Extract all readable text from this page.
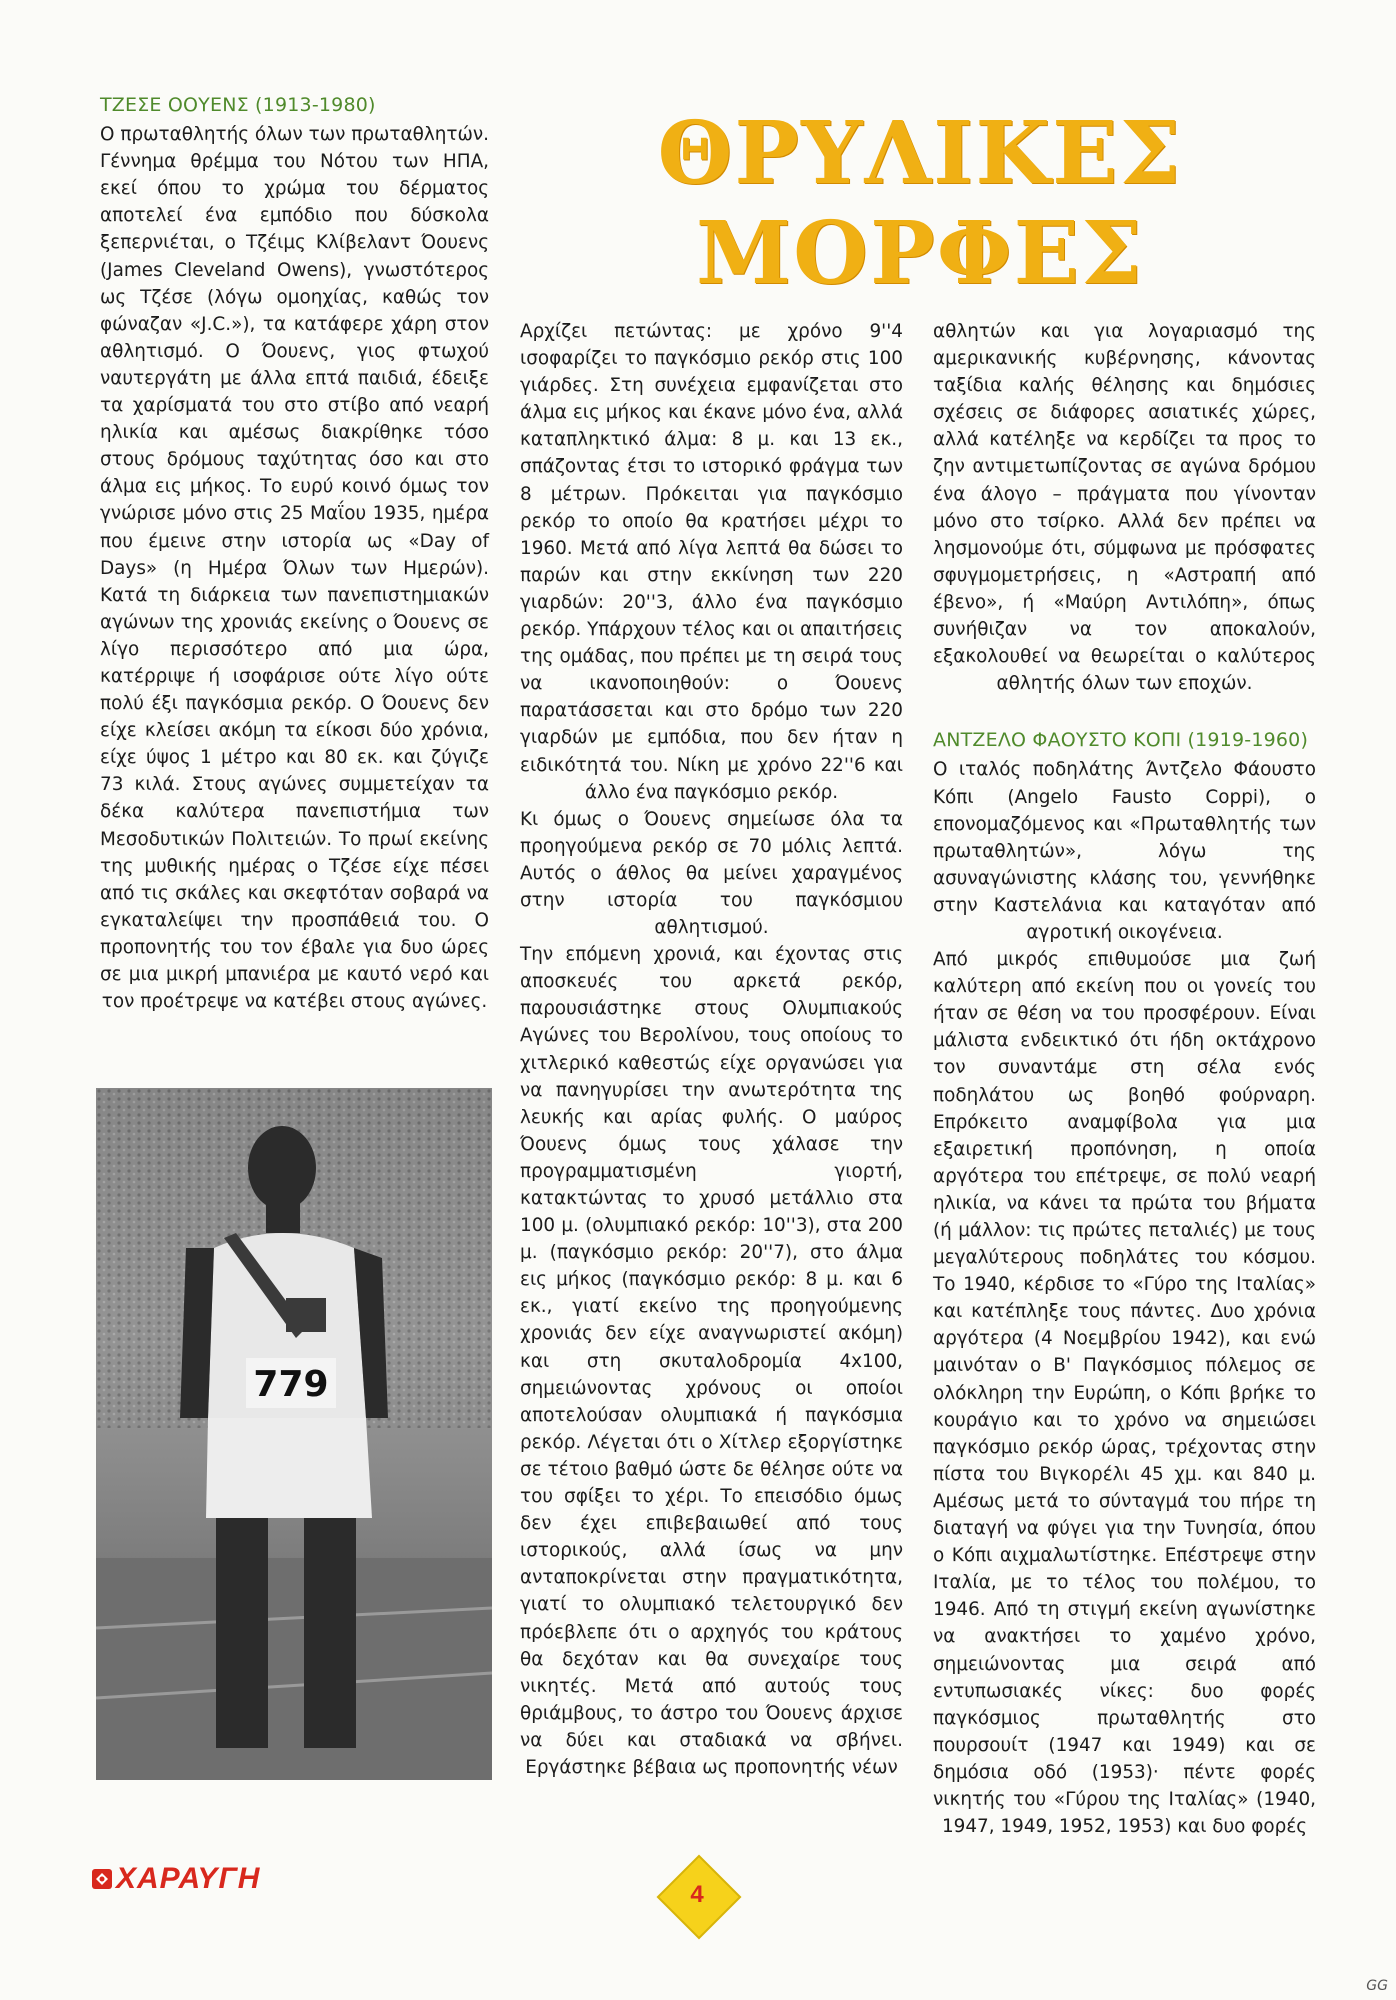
ΘΡΥΛΙΚΕΣ
ΜΟΡΦΕΣ
ΤΖΕΣΕ ΟΟΥΕΝΣ (1913-1980)

Ο πρωταθλητής όλων των πρωταθλητών. Γέννημα θρέμμα του Νότου των ΗΠΑ, εκεί όπου το χρώμα του δέρματος αποτελεί ένα εμπόδιο που δύσκολα ξεπερνιέται, ο Τζέιμς Κλίβελαντ Όουενς (James Cleveland Owens), γνωστότερος ως Τζέσε (λόγω ομοηχίας, καθώς τον φώναζαν «J.C.»), τα κατάφερε χάρη στον αθλητισμό. Ο Όουενς, γιος φτωχού ναυτεργάτη με άλλα επτά παιδιά, έδειξε τα χαρίσματά του στο στίβο από νεαρή ηλικία και αμέσως διακρίθηκε τόσο στους δρόμους ταχύτητας όσο και στο άλμα εις μήκος. Το ευρύ κοινό όμως τον γνώρισε μόνο στις 25 Μαΐου 1935, ημέρα που έμεινε στην ιστορία ως «Day of Days» (η Ημέρα Όλων των Ημερών). Κατά τη διάρκεια των πανεπιστημιακών αγώνων της χρονιάς εκείνης ο Όουενς σε λίγο περισσότερο από μια ώρα, κατέρριψε ή ισοφάρισε ούτε λίγο ούτε πολύ έξι παγκόσμια ρεκόρ. Ο Όουενς δεν είχε κλείσει ακόμη τα είκοσι δύο χρόνια, είχε ύψος 1 μέτρο και 80 εκ. και ζύγιζε 73 κιλά. Στους αγώνες συμμετείχαν τα δέκα καλύτερα πανεπιστήμια των Μεσοδυτικών Πολιτειών. Το πρωί εκείνης της μυθικής ημέρας ο Τζέσε είχε πέσει από τις σκάλες και σκεφτόταν σοβαρά να εγκαταλείψει την προσπάθειά του. Ο προπονητής του τον έβαλε για δυο ώρες σε μια μικρή μπανιέρα με καυτό νερό και τον προέτρεψε να κατέβει στους αγώνες.

779

Αρχίζει πετώντας: με χρόνο 9''4 ισοφαρίζει το παγκόσμιο ρεκόρ στις 100 γιάρδες. Στη συνέχεια εμφανίζεται στο άλμα εις μήκος και έκανε μόνο ένα, αλλά καταπληκτικό άλμα: 8 μ. και 13 εκ., σπάζοντας έτσι το ιστορικό φράγμα των 8 μέτρων. Πρόκειται για παγκόσμιο ρεκόρ το οποίο θα κρατήσει μέχρι το 1960. Μετά από λίγα λεπτά θα δώσει το παρών και στην εκκίνηση των 220 γιαρδών: 20''3, άλλο ένα παγκόσμιο ρεκόρ. Υπάρχουν τέλος και οι απαιτήσεις της ομάδας, που πρέπει με τη σειρά τους να ικανοποιηθούν: ο Όουενς παρατάσσεται και στο δρόμο των 220 γιαρδών με εμπόδια, που δεν ήταν η ειδικότητά του. Νίκη με χρόνο 22''6 και άλλο ένα παγκόσμιο ρεκόρ.

Κι όμως ο Όουενς σημείωσε όλα τα προηγούμενα ρεκόρ σε 70 μόλις λεπτά. Αυτός ο άθλος θα μείνει χαραγμένος στην ιστορία του παγκόσμιου αθλητισμού.

Την επόμενη χρονιά, και έχοντας στις αποσκευές του αρκετά ρεκόρ, παρουσιάστηκε στους Ολυμπιακούς Αγώνες του Βερολίνου, τους οποίους το χιτλερικό καθεστώς είχε οργανώσει για να πανηγυρίσει την ανωτερότητα της λευκής και αρίας φυλής. Ο μαύρος Όουενς όμως τους χάλασε την προγραμματισμένη γιορτή, κατακτώντας το χρυσό μετάλλιο στα 100 μ. (ολυμπιακό ρεκόρ: 10''3), στα 200 μ. (παγκόσμιο ρεκόρ: 20''7), στο άλμα εις μήκος (παγκόσμιο ρεκόρ: 8 μ. και 6 εκ., γιατί εκείνο της προηγούμενης χρονιάς δεν είχε αναγνωριστεί ακόμη) και στη σκυταλοδρομία 4x100, σημειώνοντας χρόνους οι οποίοι αποτελούσαν ολυμπιακά ή παγκόσμια ρεκόρ. Λέγεται ότι ο Χίτλερ εξοργίστηκε σε τέτοιο βαθμό ώστε δε θέλησε ούτε να του σφίξει το χέρι. Το επεισόδιο όμως δεν έχει επιβεβαιωθεί από τους ιστορικούς, αλλά ίσως να μην ανταποκρίνεται στην πραγματικότητα, γιατί το ολυμπιακό τελετουργικό δεν πρόεβλεπε ότι ο αρχηγός του κράτους θα δεχόταν και θα συνεχαίρε τους νικητές. Μετά από αυτούς τους θριάμβους, το άστρο του Όουενς άρχισε να δύει και σταδιακά να σβήνει. Εργάστηκε βέβαια ως προπονητής νέων

αθλητών και για λογαριασμό της αμερικανικής κυβέρνησης, κάνοντας ταξίδια καλής θέλησης και δημόσιες σχέσεις σε διάφορες ασιατικές χώρες, αλλά κατέληξε να κερδίζει τα προς το ζην αντιμετωπίζοντας σε αγώνα δρόμου ένα άλογο – πράγματα που γίνονταν μόνο στο τσίρκο. Αλλά δεν πρέπει να λησμονούμε ότι, σύμφωνα με πρόσφατες σφυγμομετρήσεις, η «Αστραπή από έβενο», ή «Μαύρη Αντιλόπη», όπως συνήθιζαν να τον αποκαλούν, εξακολουθεί να θεωρείται ο καλύτερος αθλητής όλων των εποχών.

ΑΝΤΖΕΛΟ ΦΑΟΥΣΤΟ ΚΟΠΙ (1919-1960)

Ο ιταλός ποδηλάτης Άντζελο Φάουστο Κόπι (Angelo Fausto Coppi), ο επονομαζόμενος και «Πρωταθλητής των πρωταθλητών», λόγω της ασυναγώνιστης κλάσης του, γεννήθηκε στην Καστελάνια και καταγόταν από αγροτική οικογένεια.

Από μικρός επιθυμούσε μια ζωή καλύτερη από εκείνη που οι γονείς του ήταν σε θέση να του προσφέρουν. Είναι μάλιστα ενδεικτικό ότι ήδη οκτάχρονο τον συναντάμε στη σέλα ενός ποδηλάτου ως βοηθό φούρναρη. Επρόκειτο αναμφίβολα για μια εξαιρετική προπόνηση, η οποία αργότερα του επέτρεψε, σε πολύ νεαρή ηλικία, να κάνει τα πρώτα του βήματα (ή μάλλον: τις πρώτες πεταλιές) με τους μεγαλύτερους ποδηλάτες του κόσμου. Το 1940, κέρδισε το «Γύρο της Ιταλίας» και κατέπληξε τους πάντες. Δυο χρόνια αργότερα (4 Νοεμβρίου 1942), και ενώ μαινόταν ο Β' Παγκόσμιος πόλεμος σε ολόκληρη την Ευρώπη, ο Κόπι βρήκε το κουράγιο και το χρόνο να σημειώσει παγκόσμιο ρεκόρ ώρας, τρέχοντας στην πίστα του Βιγκορέλι 45 χμ. και 840 μ. Αμέσως μετά το σύνταγμά του πήρε τη διαταγή να φύγει για την Τυνησία, όπου ο Κόπι αιχμαλωτίστηκε. Επέστρεψε στην Ιταλία, με το τέλος του πολέμου, το 1946. Από τη στιγμή εκείνη αγωνίστηκε να ανακτήσει το χαμένο χρόνο, σημειώνοντας μια σειρά από εντυπωσιακές νίκες: δυο φορές παγκόσμιος πρωταθλητής στο πουρσουίτ (1947 και 1949) και σε δημόσια οδό (1953)· πέντε φορές νικητής του «Γύρου της Ιταλίας» (1940, 1947, 1949, 1952, 1953) και δυο φορές

ΧΑΡΑΥΓΗ	4
GG
